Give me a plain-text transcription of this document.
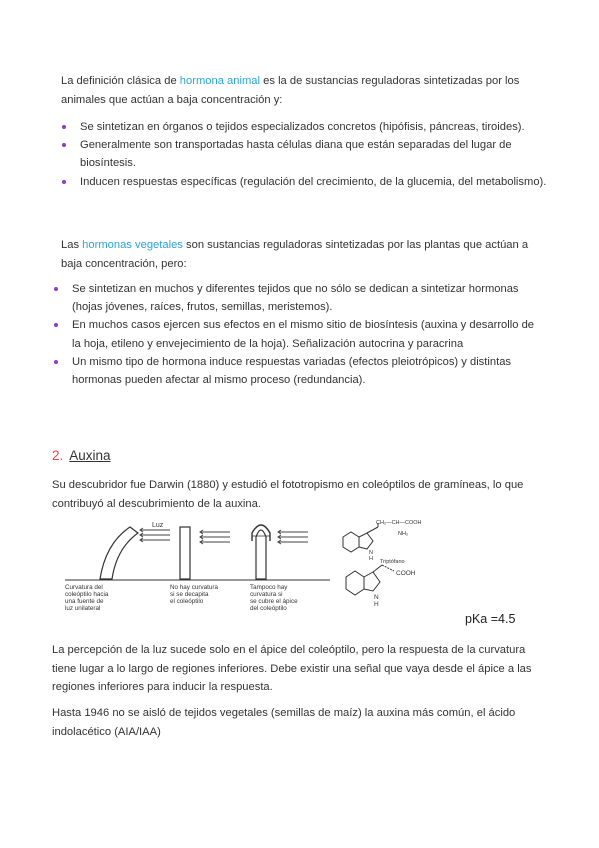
La definición clásica de hormona animal es la de sustancias reguladoras sintetizadas por los animales que actúan a baja concentración y:

Se sintetizan en órganos o tejidos especializados concretos (hipófisis, páncreas, tiroides).
Generalmente son transportadas hasta células diana que están separadas del lugar de biosíntesis.
Inducen respuestas específicas (regulación del crecimiento, de la glucemia, del metabolismo).

Las hormonas vegetales son sustancias reguladoras sintetizadas por las plantas que actúan a baja concentración, pero:

Se sintetizan en muchos y diferentes tejidos que no sólo se dedican a sintetizar hormonas (hojas jóvenes, raíces, frutos, semillas, meristemos).
En muchos casos ejercen sus efectos en el mismo sitio de biosíntesis (auxina y desarrollo de la hoja, etileno y envejecimiento de la hoja). Señalización autocrina y paracrina
Un mismo tipo de hormona induce respuestas variadas (efectos pleiotrópicos) y distintas hormonas pueden afectar al mismo proceso (redundancia).
2. Auxina

Su descubridor fue Darwin (1880) y estudió el fototropismo en coleóptilos de gramíneas, lo que contribuyó al descubrimiento de la auxina.

Luz
Curvatura del coleóptilo hacia una fuente de luz unilateral
No hay curvatura si se decapita el coleóptilo
Tampoco hay curvatura si se cubre el ápice del coleóptilo
CH₂—CH—COOH
NH₂
N
H Triptófano
COOH
N
H
pKa =4.5

La percepción de la luz sucede solo en el ápice del coleóptilo, pero la respuesta de la curvatura tiene lugar a lo largo de regiones inferiores. Debe existir una señal que vaya desde el ápice a las regiones inferiores para inducir la respuesta.

Hasta 1946 no se aisló de tejidos vegetales (semillas de maíz) la auxina más común, el ácido indolacético (AIA/IAA)
